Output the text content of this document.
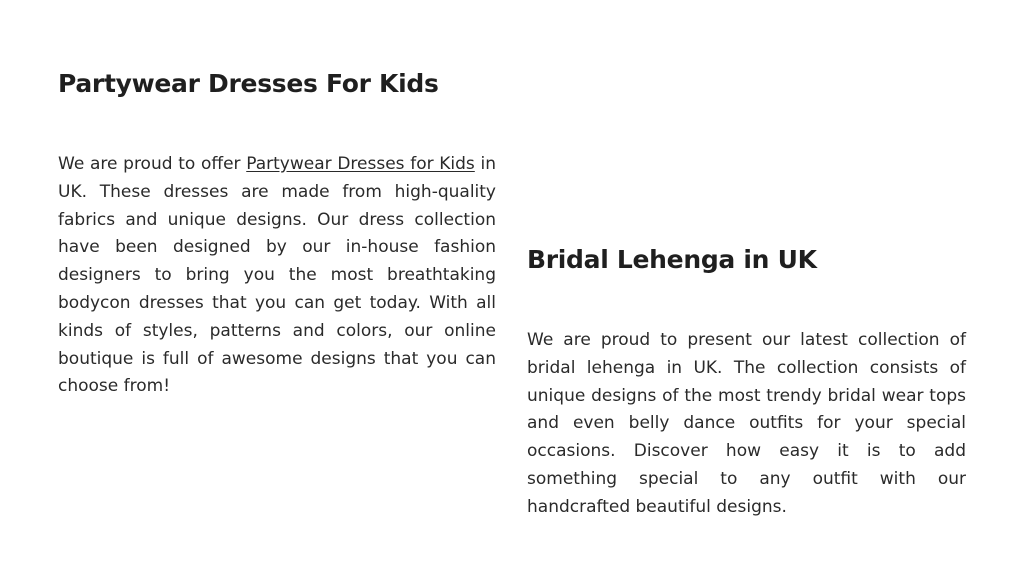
Partywear Dresses For Kids

We are proud to offer Partywear Dresses for Kids in UK. These dresses are made from high-quality fabrics and unique designs. Our dress collection have been designed by our in-house fashion designers to bring you the most breathtaking bodycon dresses that you can get today. With all kinds of styles, patterns and colors, our online boutique is full of awesome designs that you can choose from!

Bridal Lehenga in UK

We are proud to present our latest collection of bridal lehenga in UK. The collection consists of unique designs of the most trendy bridal wear tops and even belly dance outfits for your special occasions. Discover how easy it is to add something special to any outfit with our handcrafted beautiful designs.
